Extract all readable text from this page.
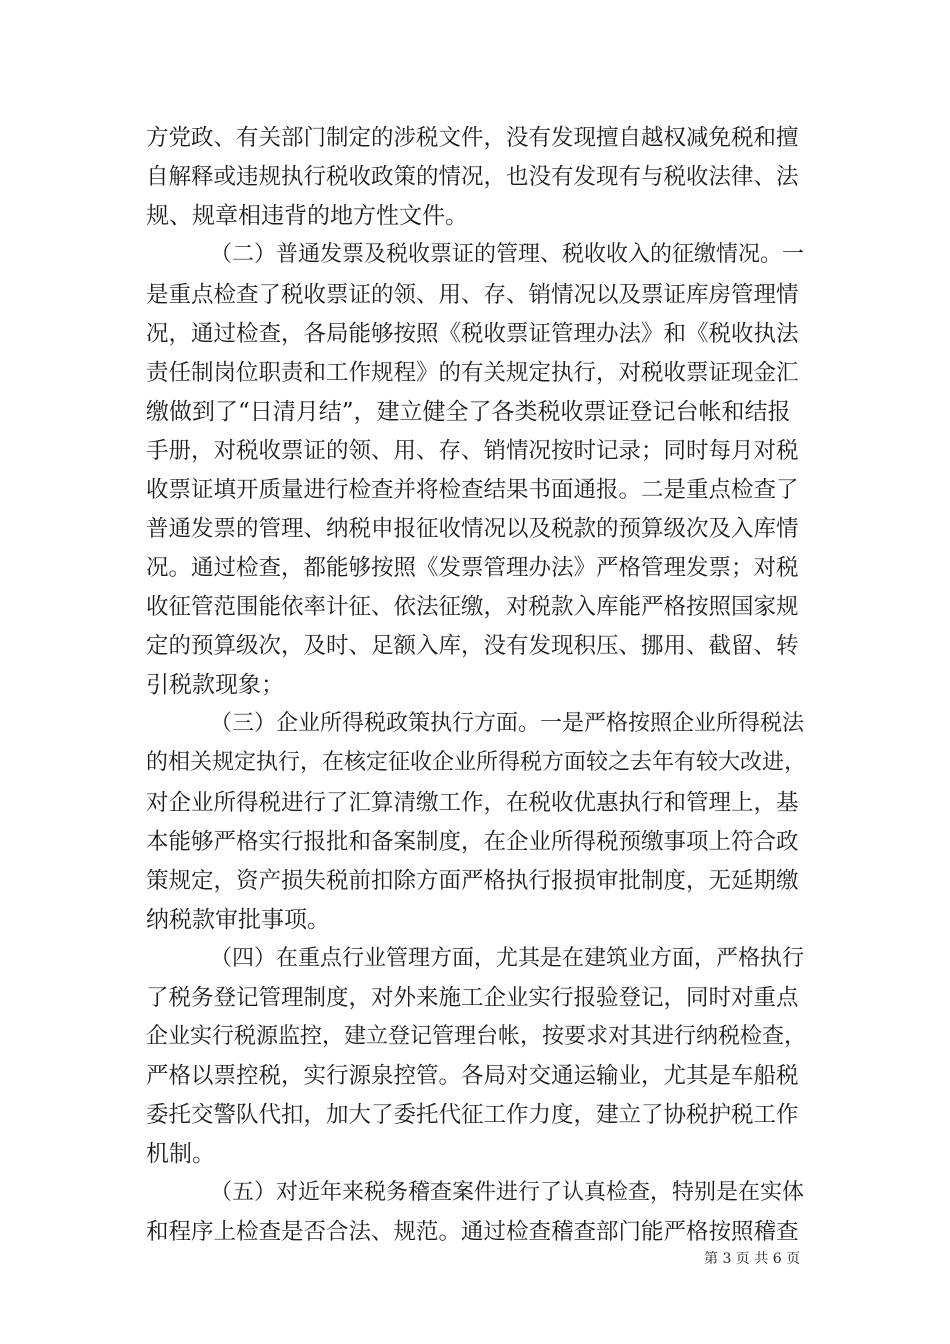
方党政、有关部门制定的涉税文件，没有发现擅自越权减免税和擅
自解释或违规执行税收政策的情况，也没有发现有与税收法律、法
规、规章相违背的地方性文件。
（二）普通发票及税收票证的管理、税收收入的征缴情况。一
是重点检查了税收票证的领、用、存、销情况以及票证库房管理情
况，通过检查，各局能够按照《税收票证管理办法》和《税收执法
责任制岗位职责和工作规程》的有关规定执行，对税收票证现金汇
缴做到了“日清月结”，建立健全了各类税收票证登记台帐和结报
手册，对税收票证的领、用、存、销情况按时记录；同时每月对税
收票证填开质量进行检查并将检查结果书面通报。二是重点检查了
普通发票的管理、纳税申报征收情况以及税款的预算级次及入库情
况。通过检查，都能够按照《发票管理办法》严格管理发票；对税
收征管范围能依率计征、依法征缴，对税款入库能严格按照国家规
定的预算级次，及时、足额入库，没有发现积压、挪用、截留、转
引税款现象；
（三）企业所得税政策执行方面。一是严格按照企业所得税法
的相关规定执行，在核定征收企业所得税方面较之去年有较大改进，
对企业所得税进行了汇算清缴工作，在税收优惠执行和管理上，基
本能够严格实行报批和备案制度，在企业所得税预缴事项上符合政
策规定，资产损失税前扣除方面严格执行报损审批制度，无延期缴
纳税款审批事项。
（四）在重点行业管理方面，尤其是在建筑业方面，严格执行
了税务登记管理制度，对外来施工企业实行报验登记，同时对重点
企业实行税源监控，建立登记管理台帐，按要求对其进行纳税检查，
严格以票控税，实行源泉控管。各局对交通运输业，尤其是车船税
委托交警队代扣，加大了委托代征工作力度，建立了协税护税工作
机制。
（五）对近年来税务稽查案件进行了认真检查，特别是在实体
和程序上检查是否合法、规范。通过检查稽查部门能严格按照稽查
第 3 页 共 6 页
